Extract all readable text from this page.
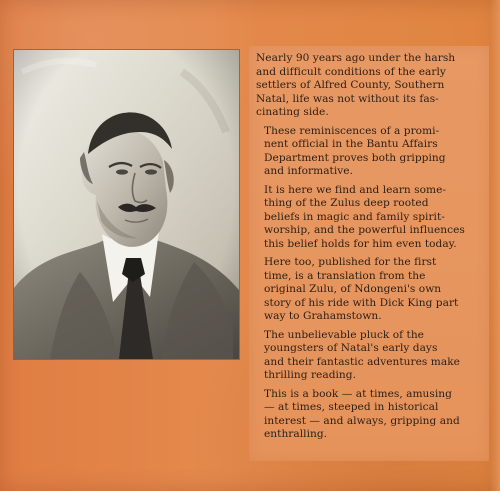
Nearly 90 years ago under the harsh
and difficult conditions of the early
settlers of Alfred County, Southern
Natal, life was not without its fas-
cinating side.

These reminiscences of a promi-
nent official in the Bantu Affairs
Department proves both gripping
and informative.

It is here we find and learn some-
thing of the Zulus deep rooted
beliefs in magic and family spirit-
worship, and the powerful influences
this belief holds for him even today.

Here too, published for the first
time, is a translation from the
original Zulu, of Ndongeni's own
story of his ride with Dick King part
way to Grahamstown.

The unbelievable pluck of the
youngsters of Natal's early days
and their fantastic adventures make
thrilling reading.

This is a book — at times, amusing
— at times, steeped in historical
interest — and always, gripping and
enthralling.
